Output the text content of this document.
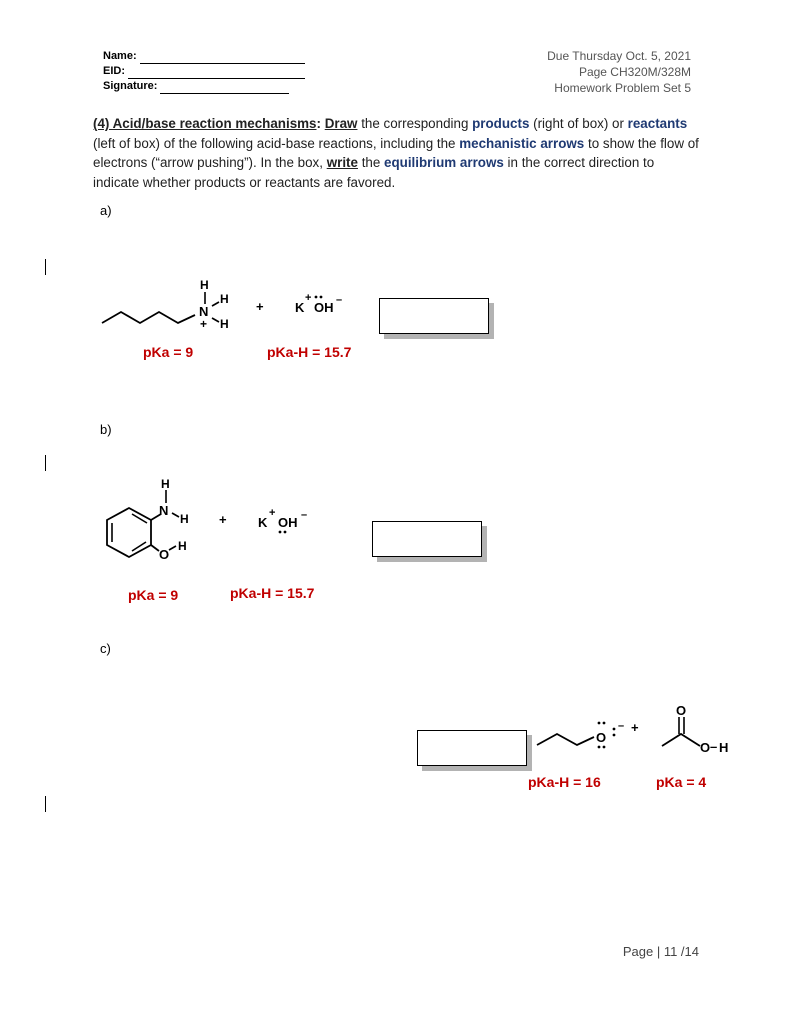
Name:
EID:
Signature:
Due Thursday Oct. 5, 2021
Page CH320M/328M
Homework Problem Set 5
(4) Acid/base reaction mechanisms: Draw the corresponding products (right of box) or reactants (left of box) of the following acid-base reactions, including the mechanistic arrows to show the flow of electrons (“arrow pushing”). In the box, write the equilibrium arrows in the correct direction to indicate whether products or reactants are favored.
a)
N
H
H
H
+
+ K
+
OH –
pKa = 9	pKa-H = 15.7
b)
N
H
H
O
H
+ K
+
OH –
pKa = 9	pKa-H = 15.7
c)
O
– +
O
O – H
pKa-H = 16	pKa = 4
Page | 11 /14
